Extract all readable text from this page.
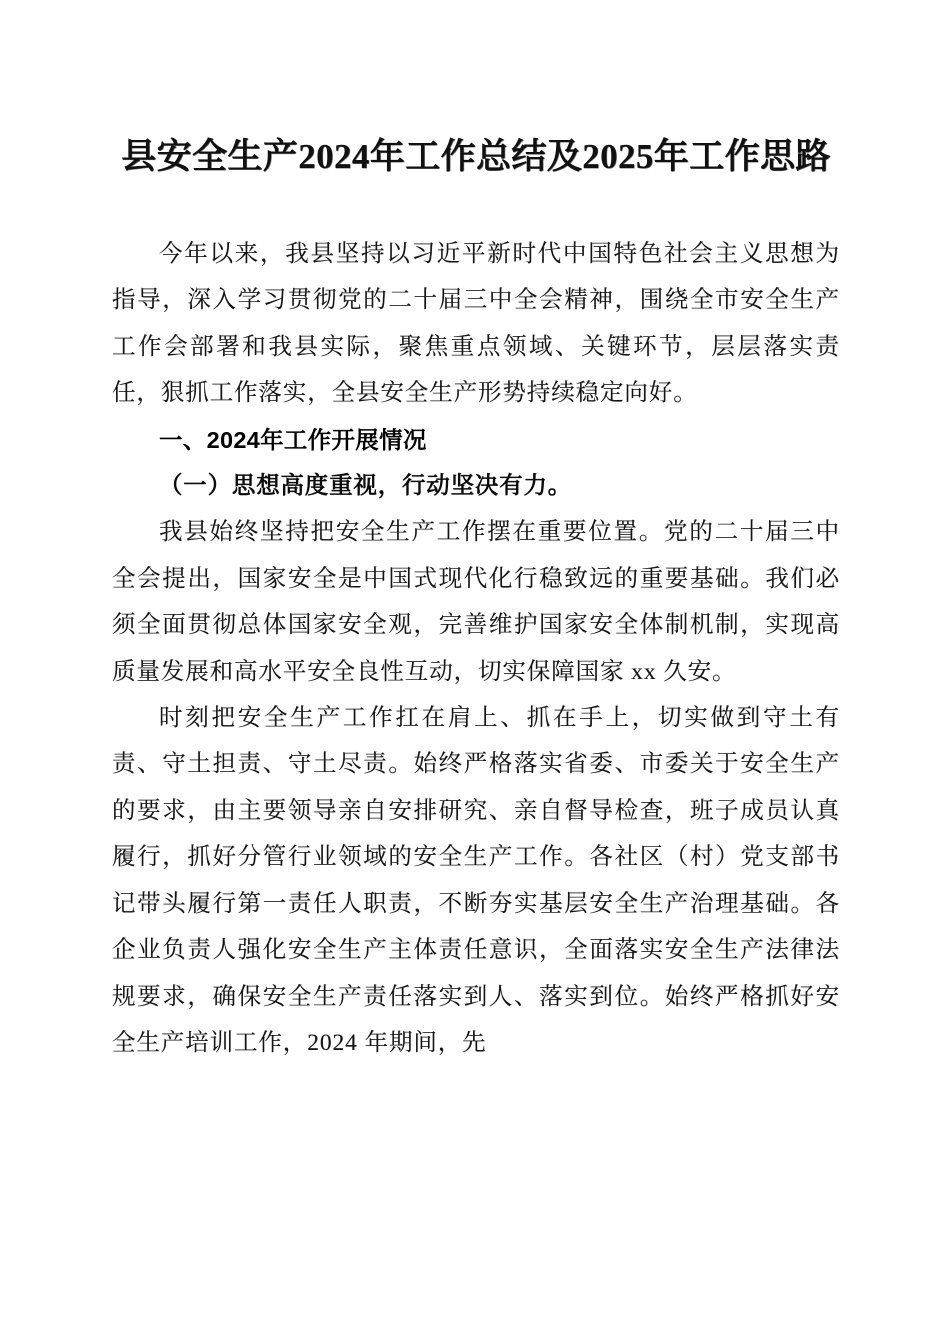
县安全生产2024年工作总结及2025年工作思路

今年以来，我县坚持以习近平新时代中国特色社会主义思想为指导，深入学习贯彻党的二十届三中全会精神，围绕全市安全生产工作会部署和我县实际，聚焦重点领域、关键环节，层层落实责任，狠抓工作落实，全县安全生产形势持续稳定向好。

一、2024年工作开展情况
（一）思想高度重视，行动坚决有力。

我县始终坚持把安全生产工作摆在重要位置。党的二十届三中全会提出，国家安全是中国式现代化行稳致远的重要基础。我们必须全面贯彻总体国家安全观，完善维护国家安全体制机制，实现高质量发展和高水平安全良性互动，切实保障国家 xx 久安。

时刻把安全生产工作扛在肩上、抓在手上，切实做到守土有责、守土担责、守土尽责。始终严格落实省委、市委关于安全生产的要求，由主要领导亲自安排研究、亲自督导检查，班子成员认真履行，抓好分管行业领域的安全生产工作。各社区（村）党支部书记带头履行第一责任人职责，不断夯实基层安全生产治理基础。各企业负责人强化安全生产主体责任意识，全面落实安全生产法律法规要求，确保安全生产责任落实到人、落实到位。始终严格抓好安全生产培训工作，2024 年期间，先
